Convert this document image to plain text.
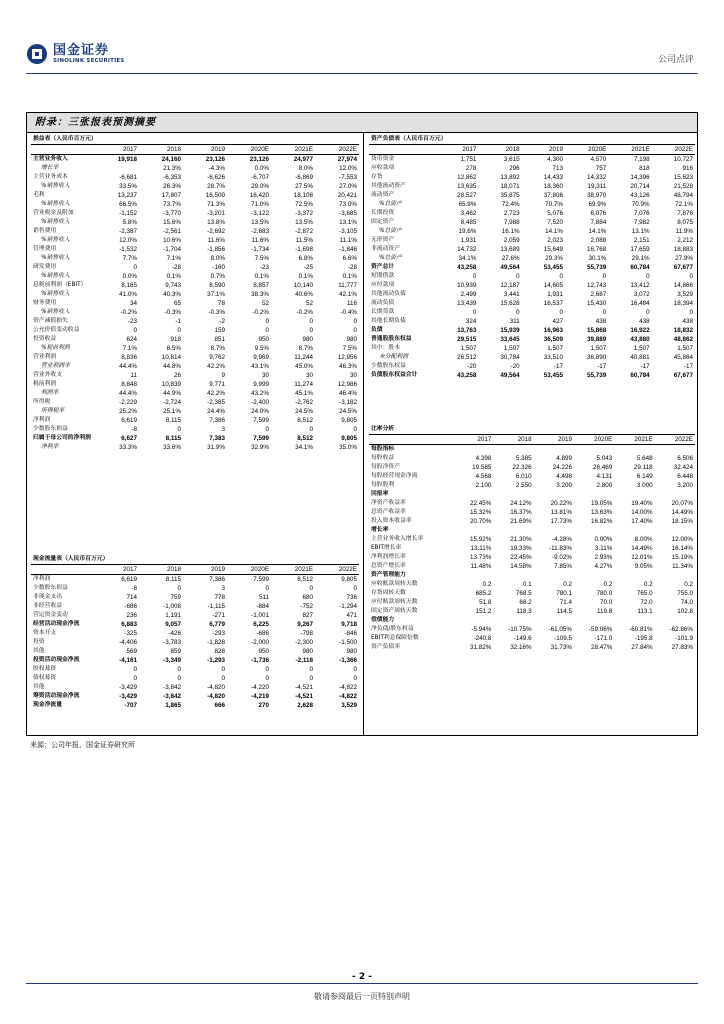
国金证券
SINOLINK SECURITIES	公司点评
附录：三张报表预测摘要
损益表（人民币百万元）						
	2017	2018	2019	2020E	2021E	2022E
主营业务收入	19,918	24,160	23,126	23,126	24,977	27,974
增长率		21.3%	-4.3%	0.0%	8.0%	12.0%
主营业务成本	-6,681	-6,353	-6,626	-6,707	-6,869	-7,553
%销售收入	33.5%	26.3%	28.7%	29.0%	27.5%	27.0%
毛利	13,237	17,807	16,500	16,420	18,108	20,421
%销售收入	66.5%	73.7%	71.3%	71.0%	72.5%	73.0%
营业税金及附加	-1,152	-3,770	-3,201	-3,122	-3,372	-3,685
%销售收入	5.8%	15.6%	13.8%	13.5%	13.5%	13.1%
销售费用	-2,387	-2,561	-2,692	-2,683	-2,872	-3,105
%销售收入	12.0%	10.6%	11.6%	11.6%	11.5%	11.1%
管理费用	-1,532	-1,704	-1,856	-1,734	-1,698	-1,846
%销售收入	7.7%	7.1%	8.0%	7.5%	6.8%	6.6%
研发费用	0	-28	-160	-23	-25	-28
%销售收入	0.0%	0.1%	0.7%	0.1%	0.1%	0.1%
息税前利润（EBIT）	8,165	9,743	8,590	8,857	10,140	11,777
%销售收入	41.0%	40.3%	37.1%	38.3%	40.6%	42.1%
财务费用	34	65	78	52	52	116
%销售收入	-0.2%	-0.3%	-0.3%	-0.2%	-0.2%	-0.4%
资产减值损失	-23	-1	-2	0	0	0
公允价值变动收益	0	0	159	0	0	0
投资收益	624	918	851	950	980	980
%税前利润	7.1%	8.5%	8.7%	9.5%	8.7%	7.5%
营业利润	8,836	10,814	9,762	9,969	11,244	12,956
营业利润率	44.4%	44.8%	42.2%	43.1%	45.0%	46.3%
营业外收支	11	26	9	30	30	30
税前利润	8,848	10,839	9,771	9,999	11,274	12,986
利润率	44.4%	44.9%	42.2%	43.2%	45.1%	46.4%
所得税	-2,229	-2,724	-2,385	-2,400	-2,762	-3,182
所得税率	25.2%	25.1%	24.4%	24.0%	24.5%	24.5%
净利润	6,619	8,115	7,386	7,599	8,512	9,805
少数股东损益	-8	0	3	0	0	0
归属于母公司的净利润	6,627	8,115	7,383	7,599	8,512	9,805
净利率	33.3%	33.6%	31.9%	32.9%	34.1%	35.0%
现金流量表（人民币百万元）						
	2017	2018	2019	2020E	2021E	2022E
净利润	6,619	8,115	7,386	7,599	8,512	9,805
少数股东损益	-8	0	3	0	0	0
非现金支出	714	759	778	511	680	736
非经营收益	-686	-1,008	-1,115	-884	-752	-1,294
营运资金变动	236	1,191	-271	-1,001	827	471
经营活动现金净流	6,883	9,057	6,779	6,225	9,267	9,718
资本开支	-325	-426	-293	-686	-798	-846
投资	-4,406	-3,783	-1,828	-2,000	-2,300	-1,500
其他	569	859	828	950	980	980
投资活动现金净流	-4,161	-3,349	-1,293	-1,736	-2,118	-1,366
股权募资	0	0	0	0	0	0
债权募资	0	0	0	0	0	0
其他	-3,429	-3,842	-4,820	-4,220	-4,521	-4,822
筹资活动现金净流	-3,429	-3,842	-4,820	-4,219	-4,521	-4,822
现金净流量	-707	1,865	666	270	2,628	3,529
资产负债表（人民币百万元）						
	2017	2018	2019	2020E	2021E	2022E
货币资金	1,751	3,615	4,300	4,570	7,198	10,727
应收款项	278	296	713	757	818	916
存货	12,862	13,892	14,433	14,332	14,396	15,623
其他流动资产	13,635	18,071	18,360	19,311	20,714	21,528
流动资产	28,527	35,875	37,806	38,970	43,126	48,794
%总资产	65.9%	72.4%	70.7%	69.9%	70.9%	72.1%
长期投资	3,462	2,723	5,076	6,076	7,076	7,876
固定资产	8,485	7,988	7,520	7,884	7,982	8,075
%总资产	19.6%	16.1%	14.1%	14.1%	13.1%	11.9%
无形资产	1,931	2,059	2,023	2,088	2,151	2,212
非流动资产	14,732	13,689	15,649	16,768	17,659	18,883
%总资产	34.1%	27.6%	29.3%	30.1%	29.1%	27.9%
资产总计	43,258	49,564	53,455	55,739	60,784	67,677
短期借款	0	0	0	0	0	0
应付款项	10,939	12,187	14,605	12,743	13,412	14,866
其他流动负债	2,499	3,441	1,931	2,687	3,072	3,529
流动负债	13,439	15,628	16,537	15,430	16,484	18,394
长期贷款	0	0	0	0	0	0
其他长期负债	324	311	427	438	438	438
负债	13,763	15,939	16,963	15,868	16,922	18,832
普通股股东权益	29,515	33,645	36,509	39,889	43,880	48,862
其中：股本	1,507	1,507	1,507	1,507	1,507	1,507
未分配利润	26,512	30,784	33,510	36,890	40,881	45,864
少数股东权益	-20	-20	-17	-17	-17	-17
负债股东权益合计	43,258	49,564	53,455	55,739	60,784	67,677
比率分析						
	2017	2018	2019	2020E	2021E	2022E
每股指标						
每股收益	4.398	5.385	4.899	5.043	5.648	6.506
每股净资产	19.585	22.326	24.226	26.469	29.118	32.424
每股经营现金净流	4.568	6.010	4.498	4.131	6.149	6.448
每股股利	2.100	2.550	3.200	2.800	3.000	3.200
回报率						
净资产收益率	22.45%	24.12%	20.22%	19.05%	19.40%	20.07%
总资产收益率	15.32%	16.37%	13.81%	13.63%	14.00%	14.49%
投入资本收益率	20.70%	21.69%	17.73%	16.82%	17.40%	18.15%
增长率						
主营业务收入增长率	15.92%	21.30%	-4.28%	0.00%	8.00%	12.00%
EBIT增长率	13.11%	19.33%	-11.83%	3.11%	14.49%	16.14%
净利润增长率	13.73%	22.45%	-9.02%	2.93%	12.01%	15.19%
总资产增长率	11.48%	14.58%	7.85%	4.27%	9.05%	11.34%
资产管理能力						
应收账款周转天数	0.2	0.1	0.2	0.2	0.2	0.2
存货周转天数	685.2	768.5	780.1	780.0	765.0	755.0
应付账款周转天数	51.8	68.2	71.4	70.0	72.0	74.0
固定资产周转天数	151.2	118.3	114.5	119.8	113.1	102.8
偿债能力						
净负债/股东权益	-5.94%	-10.75%	-61.05%	-59.06%	-60.81%	-62.86%
EBIT利息保障倍数	-240.8	-149.6	-109.5	-171.0	-195.8	-101.9
资产负债率	31.82%	32.16%	31.73%	28.47%	27.84%	27.83%
来源：公司年报、国金证券研究所
- 2 -
敬请参阅最后一页特别声明
